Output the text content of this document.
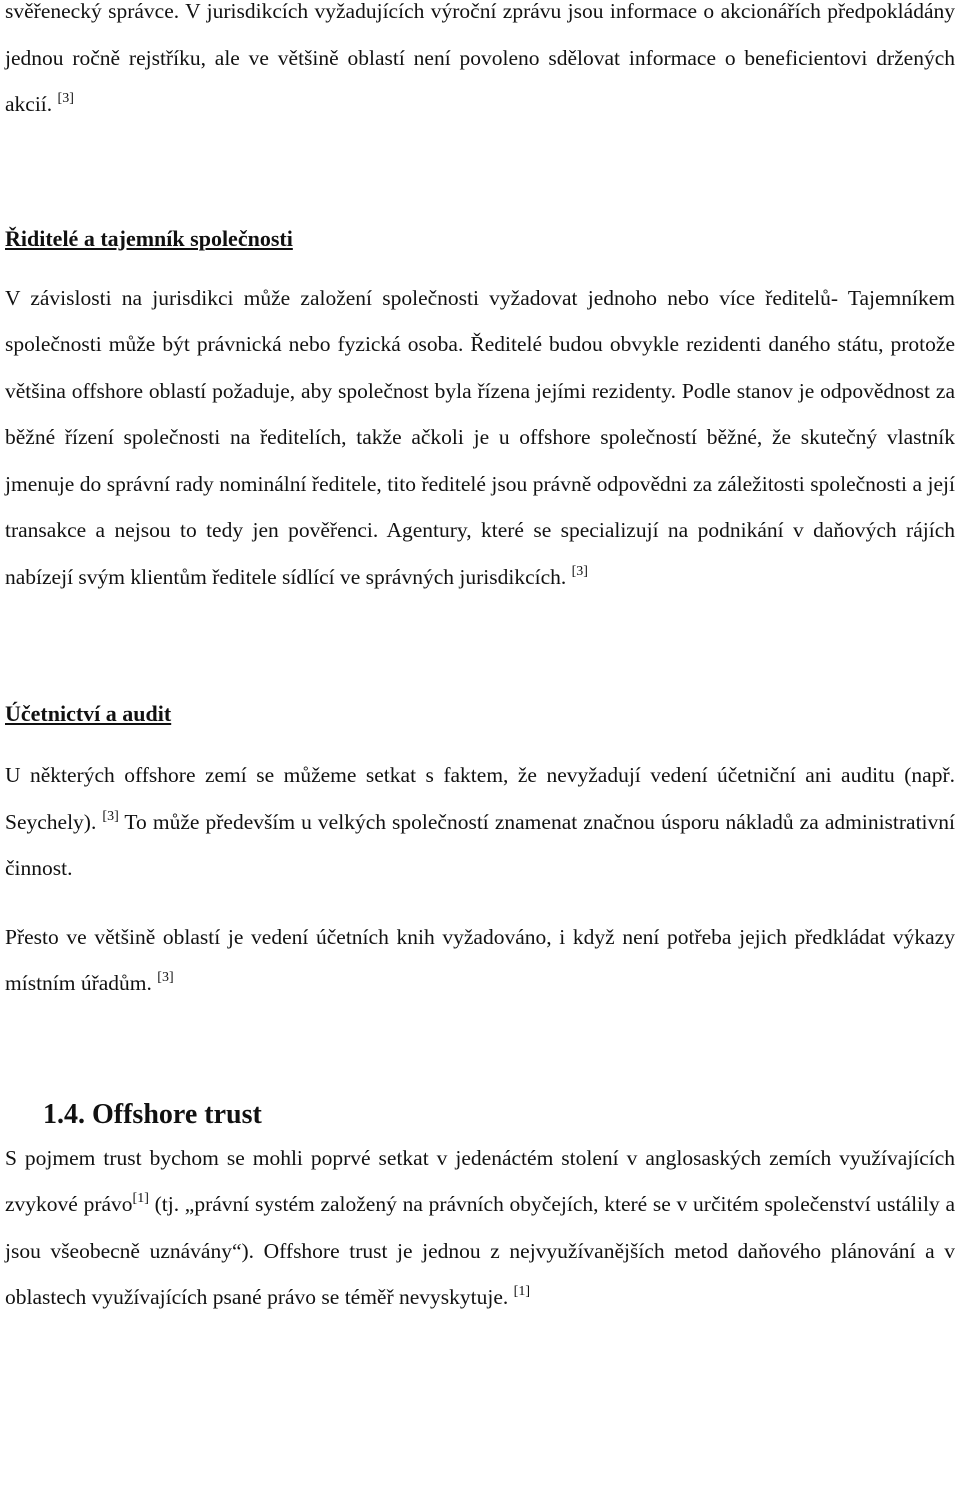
svěřenecký správce. V jurisdikcích vyžadujících výroční zprávu jsou informace o akcionářích předpokládány jednou ročně rejstříku, ale ve většině oblastí není povoleno sdělovat informace o beneficientovi držených akcií. [3]

Řiditelé a tajemník společnosti

V závislosti na jurisdikci může založení společnosti vyžadovat jednoho nebo více ředitelů- Tajemníkem společnosti může být právnická nebo fyzická osoba. Ředitelé budou obvykle rezidenti daného státu, protože většina offshore oblastí požaduje, aby společnost byla řízena jejími rezidenty. Podle stanov je odpovědnost za běžné řízení společnosti na ředitelích, takže ačkoli je u offshore společností běžné, že skutečný vlastník jmenuje do správní rady nominální ředitele, tito ředitelé jsou právně odpovědni za záležitosti společnosti a její transakce a nejsou to tedy jen pověřenci. Agentury, které se specializují na podnikání v daňových rájích nabízejí svým klientům ředitele sídlící ve správných jurisdikcích. [3]

Účetnictví a audit

U některých offshore zemí se můžeme setkat s faktem, že nevyžadují vedení účetniční ani auditu (např. Seychely). [3] To může především u velkých společností znamenat značnou úsporu nákladů za administrativní činnost.

Přesto ve většině oblastí je vedení účetních knih vyžadováno, i když není potřeba jejich předkládat výkazy místním úřadům. [3]

1.4. Offshore trust

S pojmem trust bychom se mohli poprvé setkat v jedenáctém stolení v anglosaských zemích využívajících zvykové právo[1] (tj. „právní systém založený na právních obyčejích, které se v určitém společenství ustálily a jsou všeobecně uznávány“). Offshore trust je jednou z nejvyužívanějších metod daňového plánování a v oblastech využívajících psané právo se téměř nevyskytuje. [1]
